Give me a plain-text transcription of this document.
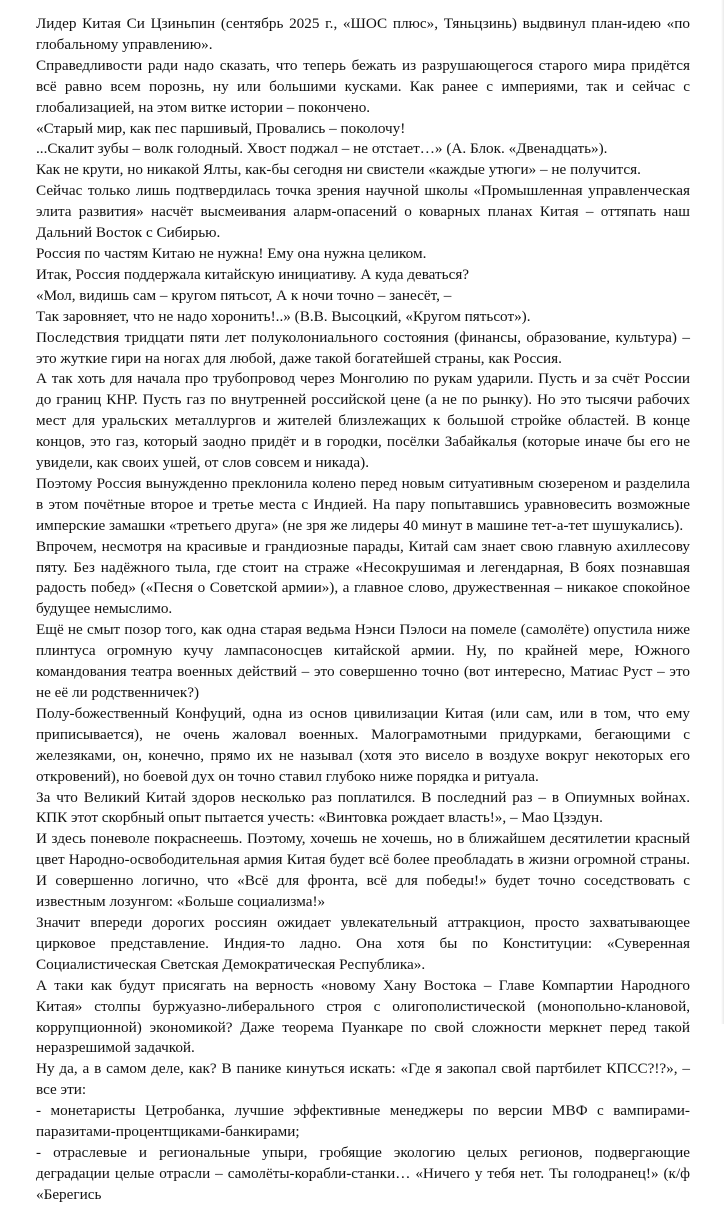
Лидер Китая Си Цзиньпин (сентябрь 2025 г., «ШОС плюс», Тяньцзинь) выдвинул план-идею «по глобальному управлению».

Справедливости ради надо сказать, что теперь бежать из разрушающегося старого мира придётся всё равно всем порознь, ну или большими кусками. Как ранее с империями, так и сейчас с глобализацией, на этом витке истории – покончено.

«Старый мир, как пес паршивый, Провались – поколочу!

...Скалит зубы – волк голодный. Хвост поджал – не отстает…» (А. Блок. «Двенадцать»).

Как не крути, но никакой Ялты, как-бы сегодня ни свистели «каждые утюги» – не получится.

Сейчас только лишь подтвердилась точка зрения научной школы «Промышленная управленческая элита развития» насчёт высмеивания аларм-опасений о коварных планах Китая – оттяпать наш Дальний Восток с Сибирью.

Россия по частям Китаю не нужна! Ему она нужна целиком.

Итак, Россия поддержала китайскую инициативу. А куда деваться?

«Мол, видишь сам – кругом пятьсот, А к ночи точно – занесёт, –

Так заровняет, что не надо хоронить!..» (В.В. Высоцкий, «Кругом пятьсот»).

Последствия тридцати пяти лет полуколониального состояния (финансы, образование, культура) – это жуткие гири на ногах для любой, даже такой богатейшей страны, как Россия.

А так хоть для начала про трубопровод через Монголию по рукам ударили. Пусть и за счёт России до границ КНР. Пусть газ по внутренней российской цене (а не по рынку). Но это тысячи рабочих мест для уральских металлургов и жителей близлежащих к большой стройке областей. В конце концов, это газ, который заодно придёт и в городки, посёлки Забайкалья (которые иначе бы его не увидели, как своих ушей, от слов совсем и никада).

Поэтому Россия вынужденно преклонила колено перед новым ситуативным сюзереном и разделила в этом почётные второе и третье места с Индией. На пару попытавшись уравновесить возможные имперские замашки «третьего друга» (не зря же лидеры 40 минут в машине тет-а-тет шушукались).

Впрочем, несмотря на красивые и грандиозные парады, Китай сам знает свою главную ахиллесову пяту. Без надёжного тыла, где стоит на страже «Несокрушимая и легендарная, В боях познавшая радость побед» («Песня о Советской армии»), а главное слово, дружественная – никакое спокойное будущее немыслимо.

Ещё не смыт позор того, как одна старая ведьма Нэнси Пэлоси на помеле (самолёте) опустила ниже плинтуса огромную кучу лампасоносцев китайской армии. Ну, по крайней мере, Южного командования театра военных действий – это совершенно точно (вот интересно, Матиас Руст – это не её ли родственничек?)

Полу-божественный Конфуций, одна из основ цивилизации Китая (или сам, или в том, что ему приписывается), не очень жаловал военных. Малограмотными придурками, бегающими с железяками, он, конечно, прямо их не называл (хотя это висело в воздухе вокруг некоторых его откровений), но боевой дух он точно ставил глубоко ниже порядка и ритуала.

За что Великий Китай здоров несколько раз поплатился. В последний раз – в Опиумных войнах. КПК этот скорбный опыт пытается учесть: «Винтовка рождает власть!», – Мао Цзэдун.

И здесь поневоле покраснеешь. Поэтому, хочешь не хочешь, но в ближайшем десятилетии красный цвет Народно-освободительная армия Китая будет всё более преобладать в жизни огромной страны. И совершенно логично, что «Всё для фронта, всё для победы!» будет точно соседствовать с известным лозунгом: «Больше социализма!»

Значит впереди дорогих россиян ожидает увлекательный аттракцион, просто захватывающее цирковое представление. Индия-то ладно. Она хотя бы по Конституции: «Суверенная Социалистическая Светская Демократическая Республика».

А таки как будут присягать на верность «новому Хану Востока – Главе Компартии Народного Китая» столпы буржуазно-либерального строя с олигополистической (монопольно-клановой, коррупционной) экономикой? Даже теорема Пуанкаре по свой сложности меркнет перед такой неразрешимой задачкой.

Ну да, а в самом деле, как? В панике кинуться искать: «Где я закопал свой партбилет КПСС?!?», – все эти:

- монетаристы Цетробанка, лучшие эффективные менеджеры по версии МВФ с вампирами-паразитами-процентщиками-банкирами;

- отраслевые и региональные упыри, гробящие экологию целых регионов, подвергающие деградации целые отрасли – самолёты-корабли-станки… «Ничего у тебя нет. Ты голодранец!» (к/ф «Берегись
